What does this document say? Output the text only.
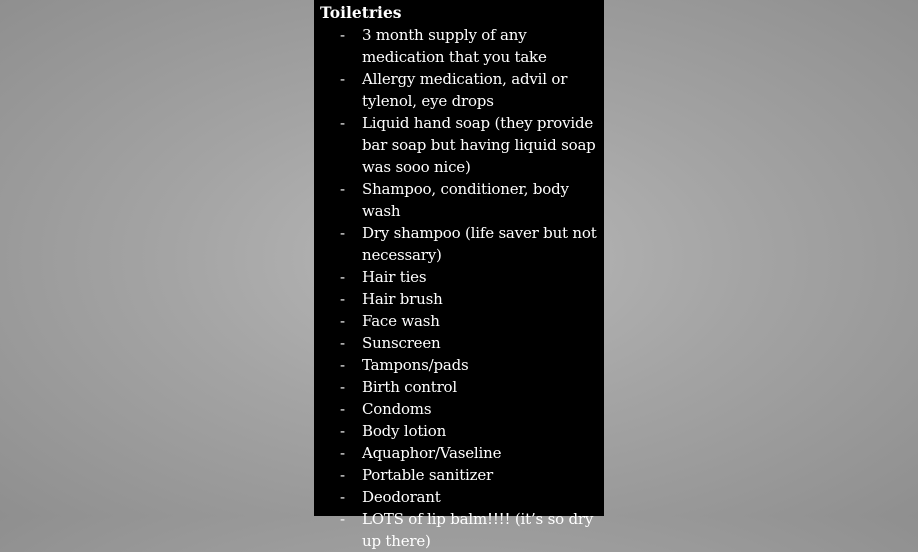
Toiletries
- 3 month supply of any medication that you take
- Allergy medication, advil or tylenol, eye drops
- Liquid hand soap (they provide bar soap but having liquid soap was sooo nice)
- Shampoo, conditioner, body wash
- Dry shampoo (life saver but not necessary)
- Hair ties
- Hair brush
- Face wash
- Sunscreen
- Tampons/pads
- Birth control
- Condoms
- Body lotion
- Aquaphor/Vaseline
- Portable sanitizer
- Deodorant
- LOTS of lip balm!!!! (it’s so dry up there)
